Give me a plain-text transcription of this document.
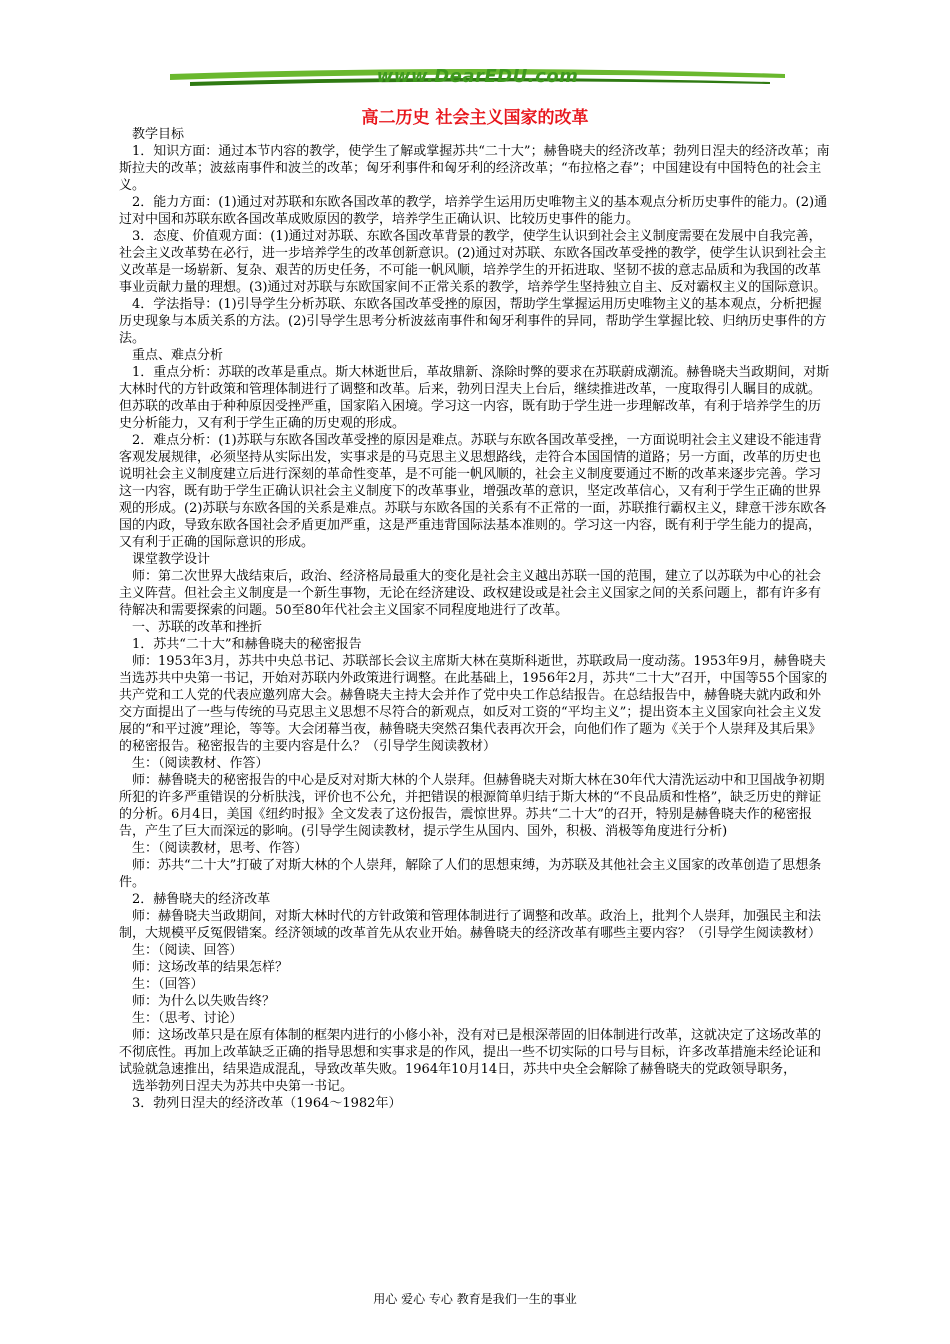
www.DearEDU.com
高二历史 社会主义国家的改革

教学目标

1．知识方面：通过本节内容的教学，使学生了解或掌握苏共“二十大”；赫鲁晓夫的经济改革；勃列日涅夫的经济改革；南斯拉夫的改革；波兹南事件和波兰的改革；匈牙利事件和匈牙利的经济改革；“布拉格之春”；中国建设有中国特色的社会主义。

2．能力方面：(1)通过对苏联和东欧各国改革的教学，培养学生运用历史唯物主义的基本观点分析历史事件的能力。(2)通过对中国和苏联东欧各国改革成败原因的教学，培养学生正确认识、比较历史事件的能力。

3．态度、价值观方面：(1)通过对苏联、东欧各国改革背景的教学，使学生认识到社会主义制度需要在发展中自我完善，社会主义改革势在必行，进一步培养学生的改革创新意识。(2)通过对苏联、东欧各国改革受挫的教学，使学生认识到社会主义改革是一场崭新、复杂、艰苦的历史任务，不可能一帆风顺，培养学生的开拓进取、坚韧不拔的意志品质和为我国的改革事业贡献力量的理想。(3)通过对苏联与东欧国家间不正常关系的教学，培养学生坚持独立自主、反对霸权主义的国际意识。

4．学法指导：(1)引导学生分析苏联、东欧各国改革受挫的原因，帮助学生掌握运用历史唯物主义的基本观点，分析把握历史现象与本质关系的方法。(2)引导学生思考分析波兹南事件和匈牙利事件的异同，帮助学生掌握比较、归纳历史事件的方法。

重点、难点分析

1．重点分析：苏联的改革是重点。斯大林逝世后，革故鼎新、涤除时弊的要求在苏联蔚成潮流。赫鲁晓夫当政期间，对斯大林时代的方针政策和管理体制进行了调整和改革。后来，勃列日涅夫上台后，继续推进改革，一度取得引人瞩目的成就。但苏联的改革由于种种原因受挫严重，国家陷入困境。学习这一内容，既有助于学生进一步理解改革，有利于培养学生的历史分析能力，又有利于学生正确的历史观的形成。

2．难点分析：(1)苏联与东欧各国改革受挫的原因是难点。苏联与东欧各国改革受挫，一方面说明社会主义建设不能违背客观发展规律，必须坚持从实际出发，实事求是的马克思主义思想路线，走符合本国国情的道路；另一方面，改革的历史也说明社会主义制度建立后进行深刻的革命性变革，是不可能一帆风顺的，社会主义制度要通过不断的改革来逐步完善。学习这一内容，既有助于学生正确认识社会主义制度下的改革事业，增强改革的意识，坚定改革信心，又有利于学生正确的世界观的形成。(2)苏联与东欧各国的关系是难点。苏联与东欧各国的关系有不正常的一面，苏联推行霸权主义，肆意干涉东欧各国的内政，导致东欧各国社会矛盾更加严重，这是严重违背国际法基本准则的。学习这一内容，既有利于学生能力的提高，又有利于正确的国际意识的形成。

课堂教学设计

师：第二次世界大战结束后，政治、经济格局最重大的变化是社会主义越出苏联一国的范围，建立了以苏联为中心的社会主义阵营。但社会主义制度是一个新生事物，无论在经济建设、政权建设或是社会主义国家之间的关系问题上，都有许多有待解决和需要探索的问题。50至80年代社会主义国家不同程度地进行了改革。

一、苏联的改革和挫折

1．苏共“二十大”和赫鲁晓夫的秘密报告

师：1953年3月，苏共中央总书记、苏联部长会议主席斯大林在莫斯科逝世，苏联政局一度动荡。1953年9月，赫鲁晓夫当选苏共中央第一书记，开始对苏联内外政策进行调整。在此基础上，1956年2月，苏共“二十大”召开，中国等55个国家的共产党和工人党的代表应邀列席大会。赫鲁晓夫主持大会并作了党中央工作总结报告。在总结报告中，赫鲁晓夫就内政和外交方面提出了一些与传统的马克思主义思想不尽符合的新观点，如反对工资的“平均主义”；提出资本主义国家向社会主义发展的“和平过渡”理论，等等。大会闭幕当夜，赫鲁晓夫突然召集代表再次开会，向他们作了题为《关于个人崇拜及其后果》的秘密报告。秘密报告的主要内容是什么？（引导学生阅读教材）

生：（阅读教材、作答）

师：赫鲁晓夫的秘密报告的中心是反对对斯大林的个人崇拜。但赫鲁晓夫对斯大林在30年代大清洗运动中和卫国战争初期所犯的许多严重错误的分析肤浅，评价也不公允，并把错误的根源简单归结于斯大林的“不良品质和性格”，缺乏历史的辩证的分析。6月4日，美国《纽约时报》全文发表了这份报告，震惊世界。苏共“二十大”的召开，特别是赫鲁晓夫作的秘密报告，产生了巨大而深远的影响。(引导学生阅读教材，提示学生从国内、国外，积极、消极等角度进行分析)

生：（阅读教材，思考、作答）

师：苏共“二十大”打破了对斯大林的个人崇拜，解除了人们的思想束缚，为苏联及其他社会主义国家的改革创造了思想条件。

2．赫鲁晓夫的经济改革

师：赫鲁晓夫当政期间，对斯大林时代的方针政策和管理体制进行了调整和改革。政治上，批判个人崇拜，加强民主和法制，大规模平反冤假错案。经济领域的改革首先从农业开始。赫鲁晓夫的经济改革有哪些主要内容？（引导学生阅读教材）

生：（阅读、回答）

师：这场改革的结果怎样？

生：（回答）

师：为什么以失败告终？

生：（思考、讨论）

师：这场改革只是在原有体制的框架内进行的小修小补，没有对已是根深蒂固的旧体制进行改革，这就决定了这场改革的不彻底性。再加上改革缺乏正确的指导思想和实事求是的作风，提出一些不切实际的口号与目标，许多改革措施未经论证和试验就急速推出，结果造成混乱，导致改革失败。1964年10月14日，苏共中央全会解除了赫鲁晓夫的党政领导职务，

选举勃列日涅夫为苏共中央第一书记。

3．勃列日涅夫的经济改革（1964～1982年）

用心 爱心 专心 教育是我们一生的事业
